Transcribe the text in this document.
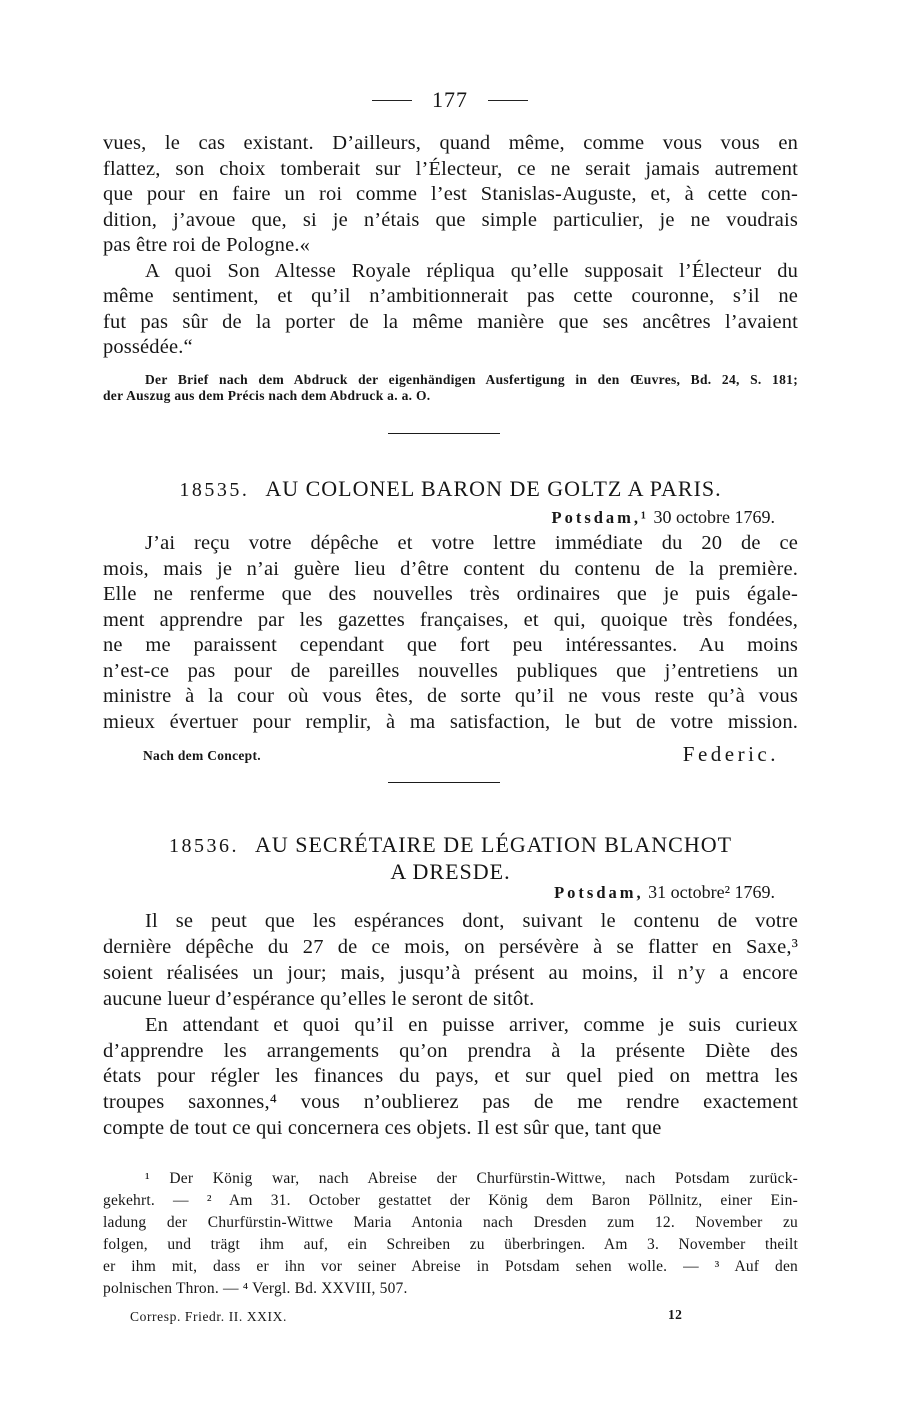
177
vues, le cas existant. D’ailleurs, quand même, comme vous vous en
flattez, son choix tomberait sur l’Électeur, ce ne serait jamais autrement
que pour en faire un roi comme l’est Stanislas-Auguste, et, à cette con-
dition, j’avoue que, si je n’étais que simple particulier, je ne voudrais
pas être roi de Pologne.«
A quoi Son Altesse Royale répliqua qu’elle supposait l’Électeur du
même sentiment, et qu’il n’ambitionnerait pas cette couronne, s’il ne
fut pas sûr de la porter de la même manière que ses ancêtres l’avaient
possédée.“
Der Brief nach dem Abdruck der eigenhändigen Ausfertigung in den Œuvres, Bd. 24, S. 181;
der Auszug aus dem Précis nach dem Abdruck a. a. O.
18535. AU COLONEL BARON DE GOLTZ A PARIS.
Potsdam,¹ 30 octobre 1769.
J’ai reçu votre dépêche et votre lettre immédiate du 20 de ce
mois, mais je n’ai guère lieu d’être content du contenu de la première.
Elle ne renferme que des nouvelles très ordinaires que je puis égale-
ment apprendre par les gazettes françaises, et qui, quoique très fondées,
ne me paraissent cependant que fort peu intéressantes. Au moins
n’est-ce pas pour de pareilles nouvelles publiques que j’entretiens un
ministre à la cour où vous êtes, de sorte qu’il ne vous reste qu’à vous
mieux évertuer pour remplir, à ma satisfaction, le but de votre mission.
Nach dem Concept.	Federic.
18536. AU SECRÉTAIRE DE LÉGATION BLANCHOT
A DRESDE.
Potsdam, 31 octobre² 1769.
Il se peut que les espérances dont, suivant le contenu de votre
dernière dépêche du 27 de ce mois, on persévère à se flatter en Saxe,³
soient réalisées un jour; mais, jusqu’à présent au moins, il n’y a encore
aucune lueur d’espérance qu’elles le seront de sitôt.
En attendant et quoi qu’il en puisse arriver, comme je suis curieux
d’apprendre les arrangements qu’on prendra à la présente Diète des
états pour régler les finances du pays, et sur quel pied on mettra les
troupes saxonnes,⁴ vous n’oublierez pas de me rendre exactement
compte de tout ce qui concernera ces objets. Il est sûr que, tant que
¹ Der König war, nach Abreise der Churfürstin-Wittwe, nach Potsdam zurück-
gekehrt. — ² Am 31. October gestattet der König dem Baron Pöllnitz, einer Ein-
ladung der Churfürstin-Wittwe Maria Antonia nach Dresden zum 12. November zu
folgen, und trägt ihm auf, ein Schreiben zu überbringen. Am 3. November theilt
er ihm mit, dass er ihn vor seiner Abreise in Potsdam sehen wolle. — ³ Auf den
polnischen Thron. — ⁴ Vergl. Bd. XXVIII, 507.
Corresp. Friedr. II. XXIX.	12
